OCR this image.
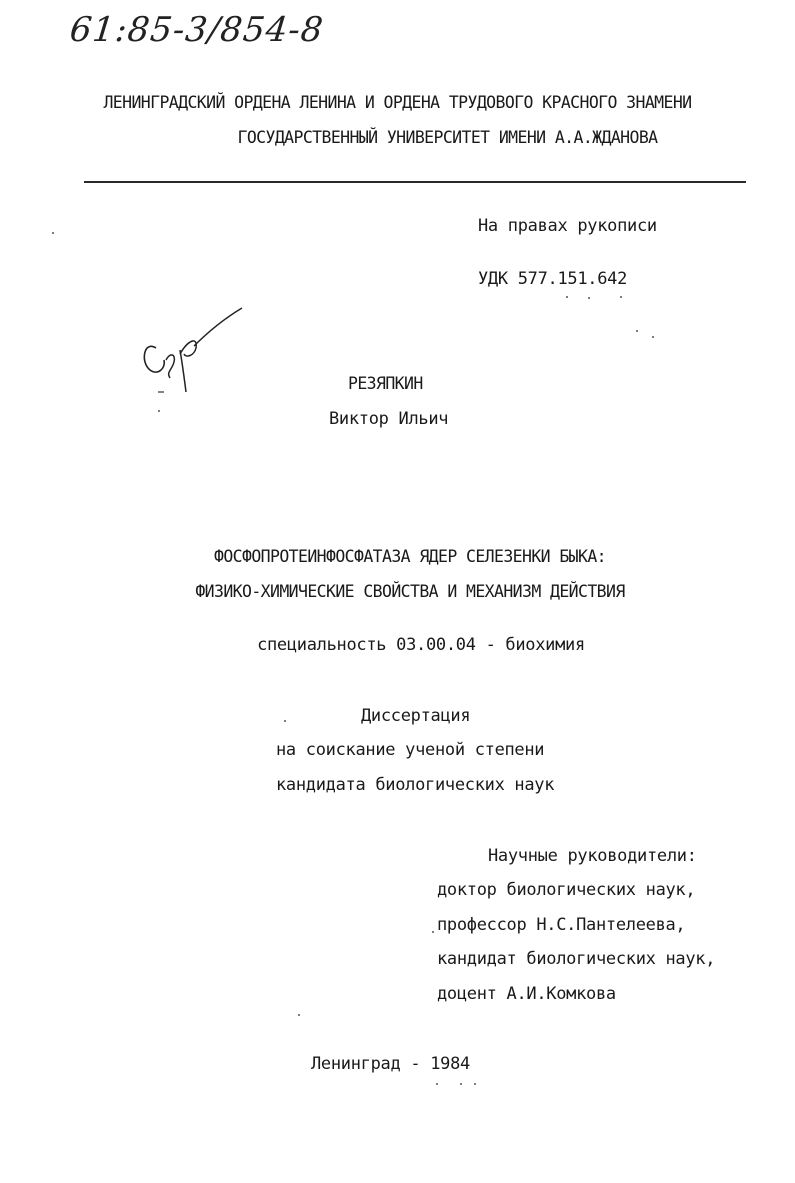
61:85-3/854-8
ЛЕНИНГРАДСКИЙ ОРДЕНА ЛЕНИНА И ОРДЕНА ТРУДОВОГО КРАСНОГО ЗНАМЕНИ
ГОСУДАРСТВЕННЫЙ УНИВЕРСИТЕТ ИМЕНИ А.А.ЖДАНОВА
На правах рукописи
УДК 577.151.642
РЕЗЯПКИН
Виктор Ильич
ФОСФОПРОТЕИНФОСФАТАЗА ЯДЕР СЕЛЕЗЕНКИ БЫКА:
ФИЗИКО-ХИМИЧЕСКИЕ СВОЙСТВА И МЕХАНИЗМ ДЕЙСТВИЯ
специальность 03.00.04 - биохимия
Диссертация
на соискание ученой степени
кандидата биологических наук
Научные руководители:
доктор биологических наук,
профессор Н.С.Пантелеева,
кандидат биологических наук,
доцент А.И.Комкова
Ленинград - 1984
